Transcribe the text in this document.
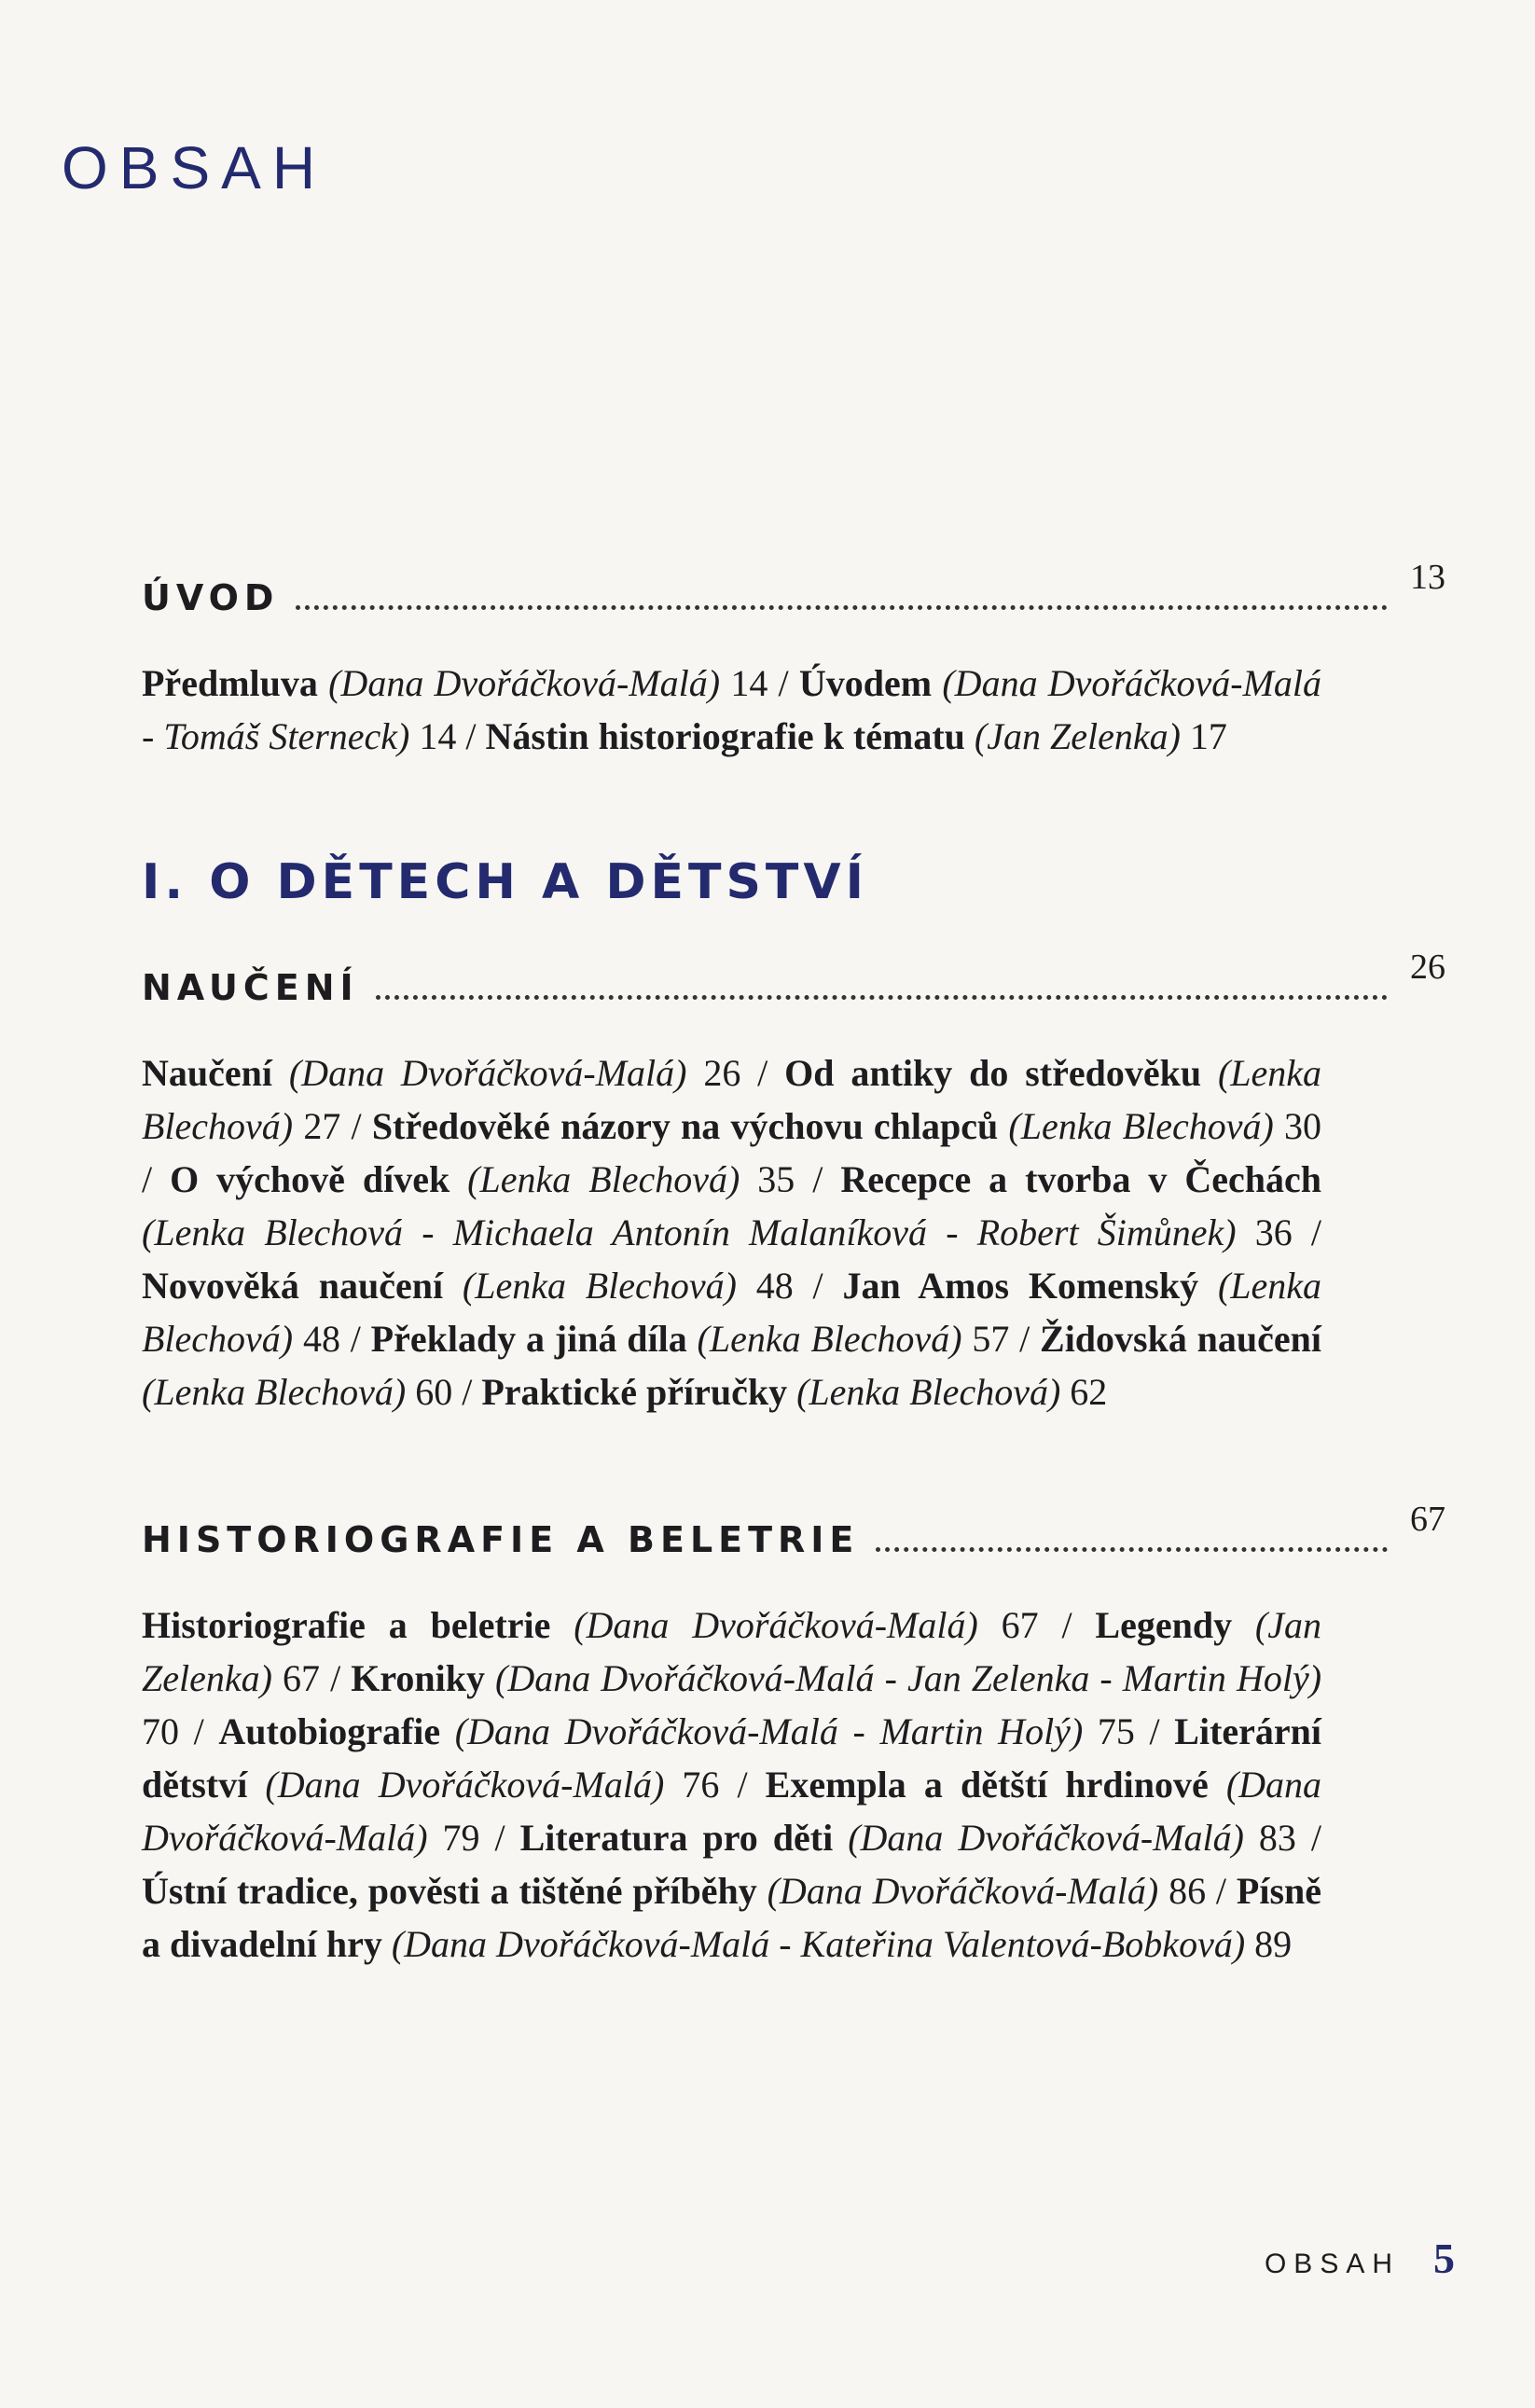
OBSAH
ÚVOD	13
Předmluva (Dana Dvořáčková-Malá) 14 / Úvodem (Dana Dvořáčková-Malá - Tomáš Sterneck) 14 / Nástin historiografie k tématu (Jan Zelenka) 17
I. O DĚTECH A DĚTSTVÍ
NAUČENÍ	26
Naučení (Dana Dvořáčková-Malá) 26 / Od antiky do středověku (Lenka Blechová) 27 / Středověké názory na výchovu chlapců (Lenka Blechová) 30 / O výchově dívek (Lenka Blechová) 35 / Recepce a tvorba v Čechách (Lenka Blechová - Michaela Antonín Malaníková - Robert Šimůnek) 36 / Novověká naučení (Lenka Blechová) 48 / Jan Amos Komenský (Lenka Blechová) 48 / Překlady a jiná díla (Lenka Blechová) 57 / Židovská naučení (Lenka Blechová) 60 / Praktické příručky (Lenka Blechová) 62
HISTORIOGRAFIE A BELETRIE	67
Historiografie a beletrie (Dana Dvořáčková-Malá) 67 / Legendy (Jan Zelenka) 67 / Kroniky (Dana Dvořáčková-Malá - Jan Zelenka - Martin Holý) 70 / Autobiografie (Dana Dvořáčková-Malá - Martin Holý) 75 / Literární dětství (Dana Dvořáčková-Malá) 76 / Exempla a dětští hrdinové (Dana Dvořáčková-Malá) 79 / Literatura pro děti (Dana Dvořáčková-Malá) 83 / Ústní tradice, pověsti a tištěné příběhy (Dana Dvořáčková-Malá) 86 / Písně a divadelní hry (Dana Dvořáčková-Malá - Kateřina Valentová-Bobková) 89
OBSAH 5
